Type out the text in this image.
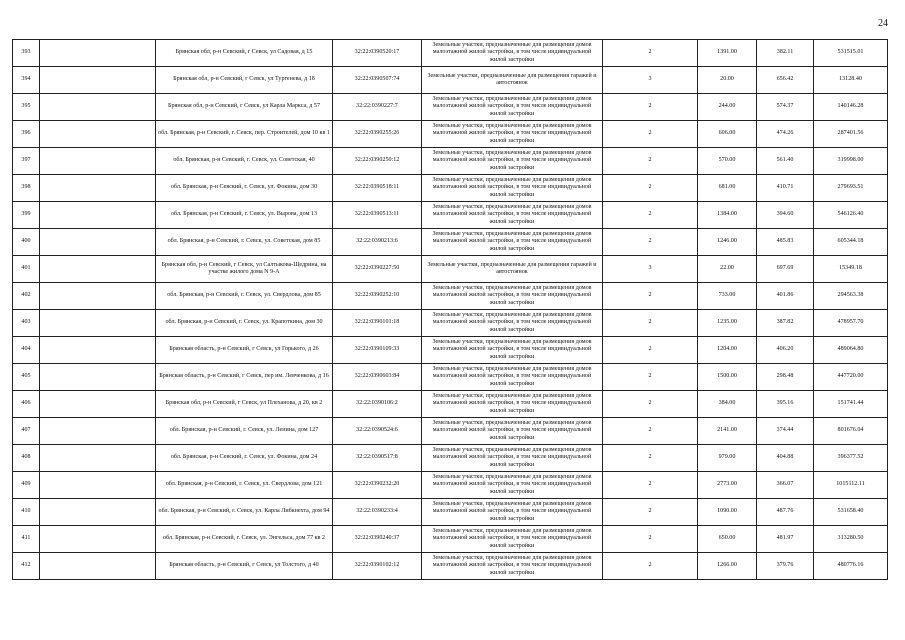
24
393		Брянская обл, р-н Севский, г Севск, ул Садовая, д 15	32:22:0390520:17	Земельные участки, предназначенные для размещения домов малоэтажной жилой застройки, в том числе индивидуальной жилой застройки	2	1391.00	382.11	531515.01
394		Брянская обл, р-н Севский, г Севск, ул Тургенева, д 18	32:22:0390507:74	Земельные участки, предназначенные для размещения гаражей и автостоянок	3	20.00	656.42	13128.40
395		Брянская обл, р-н Севский, г Севск, ул Карла Маркса, д 57	32:22:0390227:7	Земельные участки, предназначенные для размещения домов малоэтажной жилой застройки, в том числе индивидуальной жилой застройки	2	244.00	574.37	140146.28
396		обл. Брянская, р-н Севский, г. Севск, пер. Строителей, дом 10 кв 1	32:22:0390255:26	Земельные участки, предназначенные для размещения домов малоэтажной жилой застройки, в том числе индивидуальной жилой застройки	2	606.00	474.26	287401.56
397		обл. Брянская, р-н Севский, г. Севск, ул. Советская, 40	32:22:0390250:12	Земельные участки, предназначенные для размещения домов малоэтажной жилой застройки, в том числе индивидуальной жилой застройки	2	570.00	561.40	319998.00
398		обл. Брянская, р-н Севский, г. Севск, ул. Фокина, дом 30	32:22:0390518:11	Земельные участки, предназначенные для размещения домов малоэтажной жилой застройки, в том числе индивидуальной жилой застройки	2	681.00	410.71	279693.51
399		обл. Брянская, р-н Севский, г. Севск, ул. Вырова, дом 13	32:22:0390513:11	Земельные участки, предназначенные для размещения домов малоэтажной жилой застройки, в том числе индивидуальной жилой застройки	2	1384.00	394.60	546126.40
400		обл. Брянская, р-н Севский, г. Севск, ул. Советская, дом 85	32:22:0390213:6	Земельные участки, предназначенные для размещения домов малоэтажной жилой застройки, в том числе индивидуальной жилой застройки	2	1246.00	485.83	605344.18
401		Брянская обл, р-н Севский, г Севск, ул Салтыкова-Щедрина, на участке жилого дома N 9-А	32:22:0390227:50	Земельные участки, предназначенные для размещения гаражей и автостоянок	3	22.00	697.69	15349.18
402		обл. Брянская, р-н Севский, г. Севск, ул. Свердлова, дом 85	32:22:0390252:10	Земельные участки, предназначенные для размещения домов малоэтажной жилой застройки, в том числе индивидуальной жилой застройки	2	733.00	401.86	294563.38
403		обл. Брянская, р-н Севский, г. Севск, ул. Крапоткина, дом 30	32:22:0390101:18	Земельные участки, предназначенные для размещения домов малоэтажной жилой застройки, в том числе индивидуальной жилой застройки	2	1235.00	387.82	478957.70
404		Брянская область, р-н Севский, г Севск, ул Горького, д 26	32:22:0390109:33	Земельные участки, предназначенные для размещения домов малоэтажной жилой застройки, в том числе индивидуальной жилой застройки	2	1204.00	406.20	489064.80
405		Брянская область, р-н Севский, г Севск, пер им. Левченкова, д 16	32:22:0390603:84	Земельные участки, предназначенные для размещения домов малоэтажной жилой застройки, в том числе индивидуальной жилой застройки	2	1500.00	298.48	447720.00
406		Брянская обл, р-н Севский, г Севск, ул Плеханова, д 20, кв 2	32:22:0390106:2	Земельные участки, предназначенные для размещения домов малоэтажной жилой застройки, в том числе индивидуальной жилой застройки	2	384.00	395.16	151741.44
407		обл. Брянская, р-н Севский, г. Севск, ул. Ленина, дом 127	32:22:0390524:6	Земельные участки, предназначенные для размещения домов малоэтажной жилой застройки, в том числе индивидуальной жилой застройки	2	2141.00	374.44	801676.04
408		обл. Брянская, р-н Севский, г. Севск, ул. Фокина, дом 24	32:22:0390517:8	Земельные участки, предназначенные для размещения домов малоэтажной жилой застройки, в том числе индивидуальной жилой застройки	2	979.00	404.88	396377.52
409		обл. Брянская, р-н Севский, г. Севск, ул. Свердлова, дом 121	32:22:0390232:20	Земельные участки, предназначенные для размещения домов малоэтажной жилой застройки, в том числе индивидуальной жилой застройки	2	2773.00	366.07	1015112.11
410		обл. Брянская, р-н Севский, г. Севск, ул. Карла Либкнехта, дом 94	32:22:0390233:4	Земельные участки, предназначенные для размещения домов малоэтажной жилой застройки, в том числе индивидуальной жилой застройки	2	1090.00	487.76	531658.40
411		обл. Брянская, р-н Севский, г. Севск, ул. Энгельса, дом 77 кв 2	32:22:0390240:37	Земельные участки, предназначенные для размещения домов малоэтажной жилой застройки, в том числе индивидуальной жилой застройки	2	650.00	481.97	313280.50
412		Брянская область, р-н Севский, г Севск, ул Толстого, д 40	32:22:0390102:12	Земельные участки, предназначенные для размещения домов малоэтажной жилой застройки, в том числе индивидуальной жилой застройки	2	1266.00	379.76	480776.16
